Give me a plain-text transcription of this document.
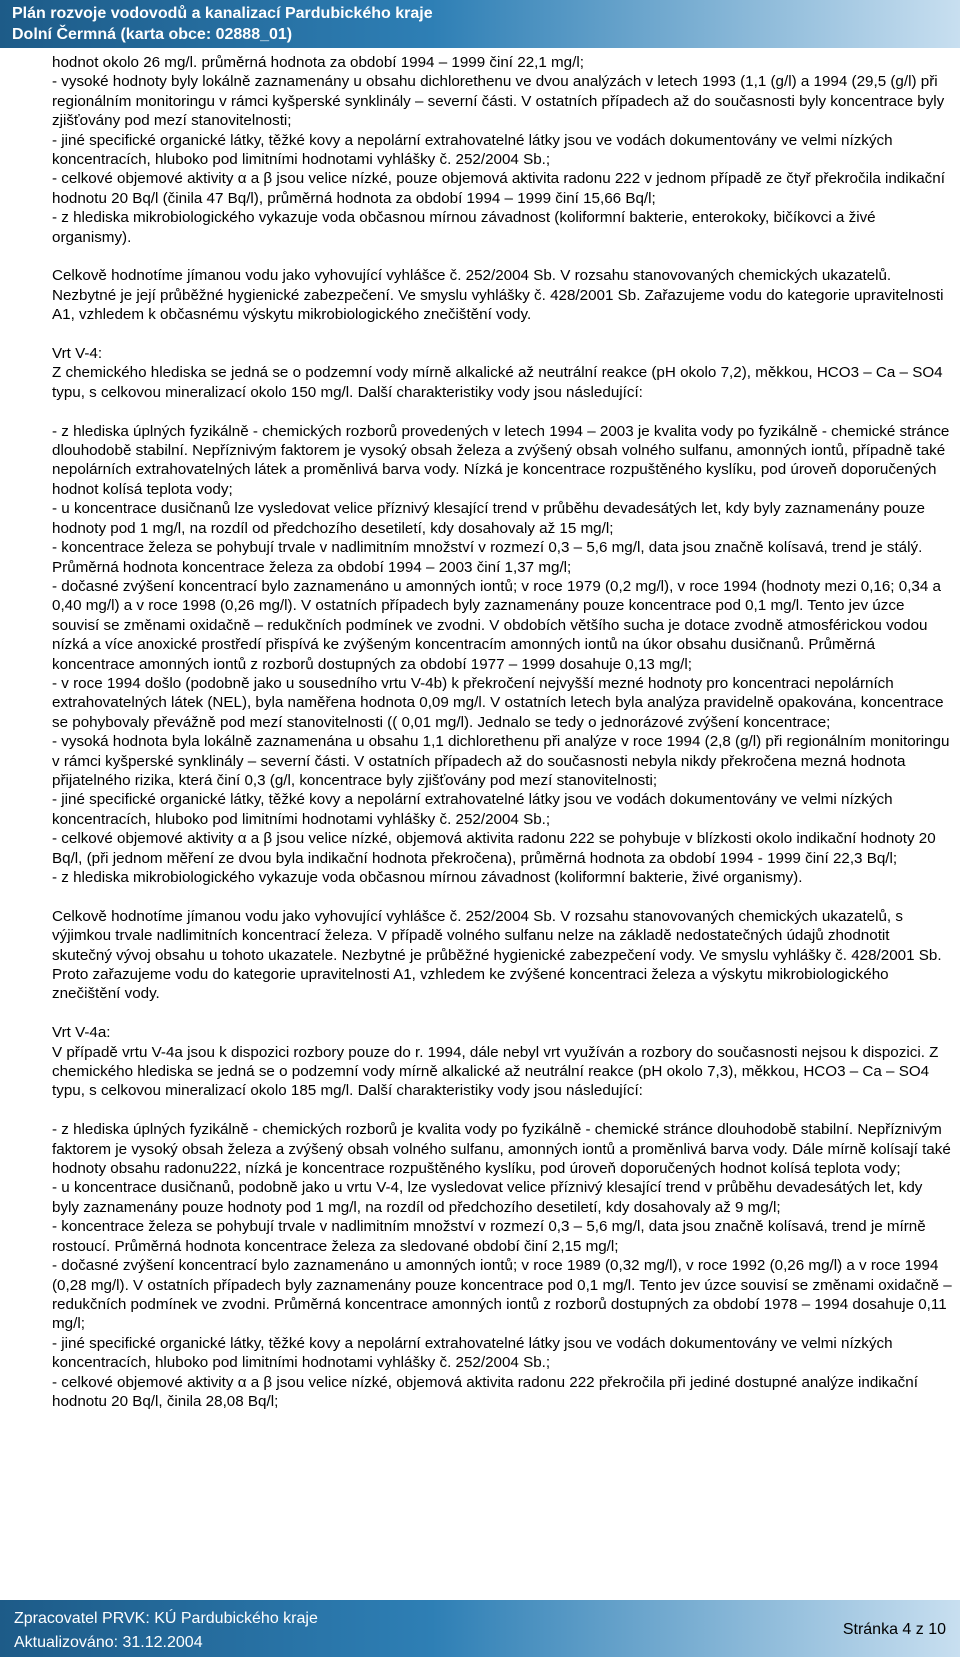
Plán rozvoje vodovodů a kanalizací Pardubického kraje
Dolní Čermná (karta obce: 02888_01)

hodnot okolo 26 mg/l. průměrná hodnota za období 1994 – 1999 činí 22,1 mg/l;
- vysoké hodnoty byly lokálně zaznamenány u obsahu dichlorethenu ve dvou analýzách v letech 1993 (1,1 (g/l) a 1994 (29,5 (g/l) při regionálním monitoringu v rámci kyšperské synklinály – severní části. V ostatních případech až do současnosti byly koncentrace byly zjišťovány pod mezí stanovitelnosti;
- jiné specifické organické látky, těžké kovy a nepolární extrahovatelné látky jsou ve vodách dokumentovány ve velmi nízkých koncentracích, hluboko pod limitními hodnotami vyhlášky č. 252/2004 Sb.;
- celkové objemové aktivity α a β jsou velice nízké, pouze objemová aktivita radonu 222 v jednom případě ze čtyř překročila indikační hodnotu 20 Bq/l (činila 47 Bq/l), průměrná hodnota za období 1994 – 1999 činí 15,66 Bq/l;
- z hlediska mikrobiologického vykazuje voda občasnou mírnou závadnost (koliformní bakterie, enterokoky, bičíkovci a živé organismy).

Celkově hodnotíme jímanou vodu jako vyhovující vyhlášce č. 252/2004 Sb. V rozsahu stanovovaných chemických ukazatelů. Nezbytné je její průběžné hygienické zabezpečení. Ve smyslu vyhlášky č. 428/2001 Sb. Zařazujeme vodu do kategorie upravitelnosti A1, vzhledem k občasnému výskytu mikrobiologického znečištění vody.

Vrt V-4:
Z chemického hlediska se jedná se o podzemní vody mírně alkalické až neutrální reakce (pH okolo 7,2), měkkou, HCO3 – Ca – SO4 typu, s celkovou mineralizací okolo 150 mg/l. Další charakteristiky vody jsou následující:

- z hlediska úplných fyzikálně - chemických rozborů provedených v letech 1994 – 2003 je kvalita vody po fyzikálně - chemické stránce dlouhodobě stabilní. Nepříznivým faktorem je vysoký obsah železa a zvýšený obsah volného sulfanu, amonných iontů, případně také nepolárních extrahovatelných látek a proměnlivá barva vody. Nízká je koncentrace rozpuštěného kyslíku, pod úroveň doporučených hodnot kolísá teplota vody;
- u koncentrace dusičnanů lze vysledovat velice příznivý klesající trend v průběhu devadesátých let, kdy byly zaznamenány pouze hodnoty pod 1 mg/l, na rozdíl od předchozího desetiletí, kdy dosahovaly až 15 mg/l;
- koncentrace železa se pohybují trvale v nadlimitním množství v rozmezí 0,3 – 5,6 mg/l, data jsou značně kolísavá, trend je stálý. Průměrná hodnota koncentrace železa za období 1994 – 2003 činí 1,37 mg/l;
- dočasné zvýšení koncentrací bylo zaznamenáno u amonných iontů; v roce 1979 (0,2 mg/l), v roce 1994 (hodnoty mezi 0,16; 0,34 a 0,40 mg/l) a v roce 1998 (0,26 mg/l). V ostatních případech byly zaznamenány pouze koncentrace pod 0,1 mg/l. Tento jev úzce souvisí se změnami oxidačně – redukčních podmínek ve zvodni. V obdobích většího sucha je dotace zvodně atmosférickou vodou nízká a více anoxické prostředí přispívá ke zvýšeným koncentracím amonných iontů na úkor obsahu dusičnanů. Průměrná koncentrace amonných iontů z rozborů dostupných za období 1977 – 1999 dosahuje 0,13 mg/l;
- v roce 1994 došlo (podobně jako u sousedního vrtu V-4b) k překročení nejvyšší mezné hodnoty pro koncentraci nepolárních extrahovatelných látek (NEL), byla naměřena hodnota 0,09 mg/l. V ostatních letech byla analýza pravidelně opakována, koncentrace se pohybovaly převážně pod mezí stanovitelnosti (( 0,01 mg/l). Jednalo se tedy o jednorázové zvýšení koncentrace;
- vysoká hodnota byla lokálně zaznamenána u obsahu 1,1 dichlorethenu při analýze v roce 1994 (2,8 (g/l) při regionálním monitoringu v rámci kyšperské synklinály – severní části. V ostatních případech až do současnosti nebyla nikdy překročena mezná hodnota přijatelného rizika, která činí 0,3 (g/l, koncentrace byly zjišťovány pod mezí stanovitelnosti;
- jiné specifické organické látky, těžké kovy a nepolární extrahovatelné látky jsou ve vodách dokumentovány ve velmi nízkých koncentracích, hluboko pod limitními hodnotami vyhlášky č. 252/2004 Sb.;
- celkové objemové aktivity α a β jsou velice nízké, objemová aktivita radonu 222 se pohybuje v blízkosti okolo indikační hodnoty 20 Bq/l, (při jednom měření ze dvou byla indikační hodnota překročena), průměrná hodnota za období 1994 - 1999 činí 22,3 Bq/l;
- z hlediska mikrobiologického vykazuje voda občasnou mírnou závadnost (koliformní bakterie, živé organismy).

Celkově hodnotíme jímanou vodu jako vyhovující vyhlášce č. 252/2004 Sb. V rozsahu stanovovaných chemických ukazatelů, s výjimkou trvale nadlimitních koncentrací železa. V případě volného sulfanu nelze na základě nedostatečných údajů zhodnotit skutečný vývoj obsahu u tohoto ukazatele. Nezbytné je průběžné hygienické zabezpečení vody. Ve smyslu vyhlášky č. 428/2001 Sb. Proto zařazujeme vodu do kategorie upravitelnosti A1, vzhledem ke zvýšené koncentraci železa a výskytu mikrobiologického znečištění vody.

Vrt V-4a:
V případě vrtu V-4a jsou k dispozici rozbory pouze do r. 1994, dále nebyl vrt využíván a rozbory do současnosti nejsou k dispozici. Z chemického hlediska se jedná se o podzemní vody mírně alkalické až neutrální reakce (pH okolo 7,3), měkkou, HCO3 – Ca – SO4 typu, s celkovou mineralizací okolo 185 mg/l. Další charakteristiky vody jsou následující:

- z hlediska úplných fyzikálně - chemických rozborů je kvalita vody po fyzikálně - chemické stránce dlouhodobě stabilní. Nepříznivým faktorem je vysoký obsah železa a zvýšený obsah volného sulfanu, amonných iontů a proměnlivá barva vody. Dále mírně kolísají také hodnoty obsahu radonu222, nízká je koncentrace rozpuštěného kyslíku, pod úroveň doporučených hodnot kolísá teplota vody;
- u koncentrace dusičnanů, podobně jako u vrtu V-4, lze vysledovat velice příznivý klesající trend v průběhu devadesátých let, kdy byly zaznamenány pouze hodnoty pod 1 mg/l, na rozdíl od předchozího desetiletí, kdy dosahovaly až 9 mg/l;
- koncentrace železa se pohybují trvale v nadlimitním množství v rozmezí 0,3 – 5,6 mg/l, data jsou značně kolísavá, trend je mírně rostoucí. Průměrná hodnota koncentrace železa za sledované období činí 2,15 mg/l;
- dočasné zvýšení koncentrací bylo zaznamenáno u amonných iontů; v roce 1989 (0,32 mg/l), v roce 1992 (0,26 mg/l) a v roce 1994 (0,28 mg/l). V ostatních případech byly zaznamenány pouze koncentrace pod 0,1 mg/l. Tento jev úzce souvisí se změnami oxidačně – redukčních podmínek ve zvodni. Průměrná koncentrace amonných iontů z rozborů dostupných za období 1978 – 1994 dosahuje 0,11 mg/l;
- jiné specifické organické látky, těžké kovy a nepolární extrahovatelné látky jsou ve vodách dokumentovány ve velmi nízkých koncentracích, hluboko pod limitními hodnotami vyhlášky č. 252/2004 Sb.;
- celkové objemové aktivity α a β jsou velice nízké, objemová aktivita radonu 222 překročila při jediné dostupné analýze indikační hodnotu 20 Bq/l, činila 28,08 Bq/l;

Zpracovatel PRVK: KÚ Pardubického kraje
Aktualizováno: 31.12.2004
Stránka 4 z 10
